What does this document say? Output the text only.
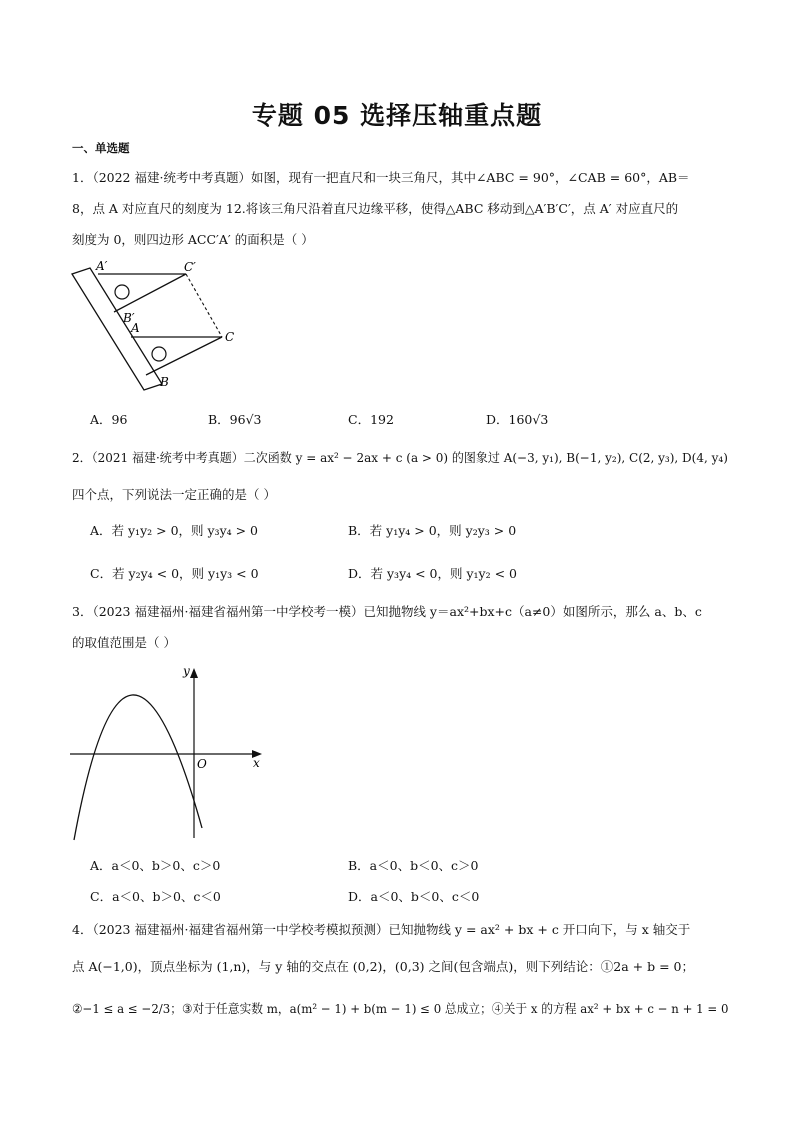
专题 05 选择压轴重点题
一、单选题
1．（2022 福建·统考中考真题）如图，现有一把直尺和一块三角尺，其中∠ABC = 90°，∠CAB = 60°，AB＝
8，点 A 对应直尺的刻度为 12.将该三角尺沿着直尺边缘平移，使得△ABC 移动到△A′B′C′，点 A′ 对应直尺的
刻度为 0，则四边形 ACC′A′ 的面积是（ ）
A′	C′
B′
A
C
B
A．96	B．96√3	C．192	D．160√3
2．（2021 福建·统考中考真题）二次函数 y = ax² − 2ax + c (a > 0) 的图象过 A(−3, y₁), B(−1, y₂), C(2, y₃), D(4, y₄)
四个点，下列说法一定正确的是（ ）
A．若 y₁y₂ > 0，则 y₃y₄ > 0	B．若 y₁y₄ > 0，则 y₂y₃ > 0
C．若 y₂y₄ < 0，则 y₁y₃ < 0	D．若 y₃y₄ < 0，则 y₁y₂ < 0
3．（2023 福建福州·福建省福州第一中学校考一模）已知抛物线 y＝ax²+bx+c（a≠0）如图所示，那么 a、b、c
的取值范围是（ ）
y
x
O
A．a＜0、b＞0、c＞0	B．a＜0、b＜0、c＞0
C．a＜0、b＞0、c＜0	D．a＜0、b＜0、c＜0
4．（2023 福建福州·福建省福州第一中学校考模拟预测）已知抛物线 y = ax² + bx + c 开口向下，与 x 轴交于
点 A(−1,0)，顶点坐标为 (1,n)，与 y 轴的交点在 (0,2)，(0,3) 之间(包含端点)，则下列结论：①2a + b = 0；
②−1 ≤ a ≤ −2/3；③对于任意实数 m，a(m² − 1) + b(m − 1) ≤ 0 总成立；④关于 x 的方程 ax² + bx + c − n + 1 = 0
